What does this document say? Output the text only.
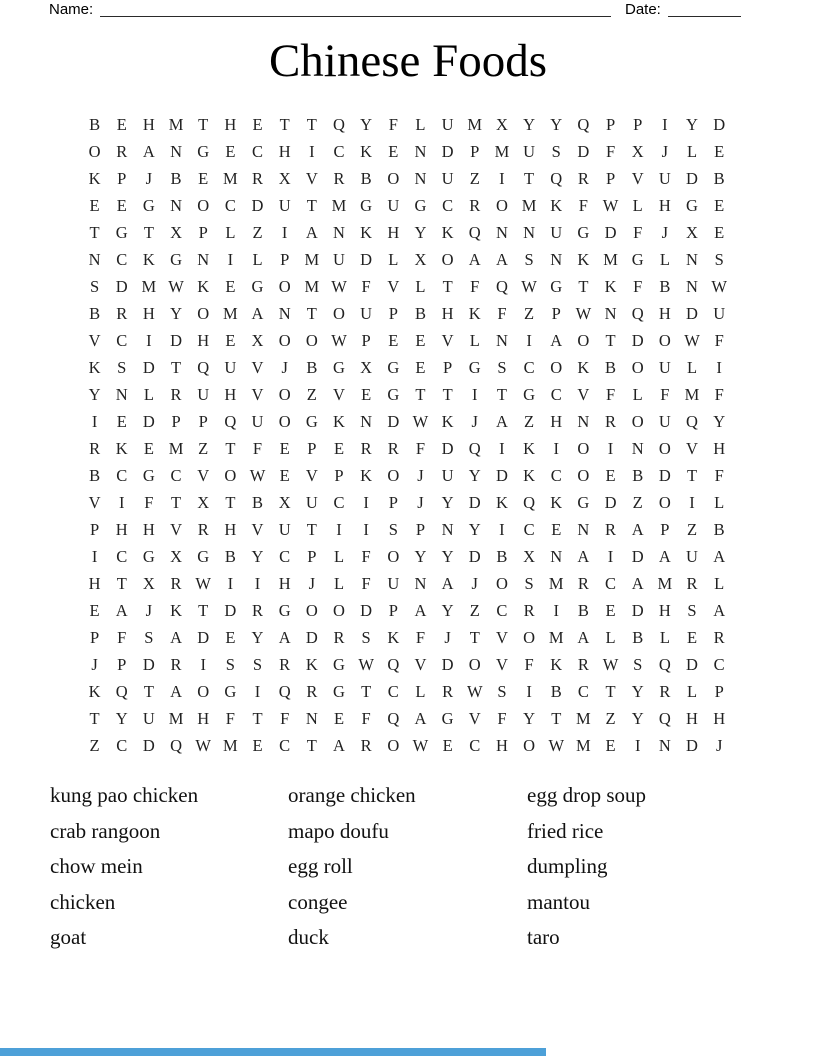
Name:	Date:
Chinese Foods
B	E H M T H E	T	T Q Y	F	L U M X Y Y Q	P	P	I	Y D
O R A N G E	C H	I	C K E N D	P M U	S	D	F	X	J	L	E
K	P	J	B	E M R X V R B O N U Z	I	T Q R	P	V U D B
E	E G N O C D U T M G U G C R O M K	F W L H G E
T G T X	P	L	Z	I	A N K H Y K Q N N U G D	F	J	X E
N C K G N	I	L	P M U D L X O A A	S	N K M G L N	S
S	D M W K E G O M W F	V L	T	F	Q W G T K	F	B N W
B R H Y O M A N T O U	P	B H K	F	Z	P W N Q H D U
V C	I	D H E X O O W P	E	E V L N	I	A O T D O W F
K	S	D T Q U V	J	B G X G E	P	G	S	C O K B O U L	I
Y N L	R U H V O Z V E G T	T	I	T G C V	F	L	F M F
I	E D	P	P	Q U O G K N D W K	J	A Z H N R O U Q Y
R K E M Z	T	F	E	P	E	R R	F	D Q	I	K	I	O	I	N O V H
B C G C V O W E V	P	K O	J	U Y D K C O E	B D T	F
V	I	F	T X T	B X U C	I	P	J	Y D K Q K G D Z O	I	L
P	H H V R H V U T	I	I	S	P	N Y	I	C	E N R A	P	Z	B
I	C G X G B Y C	P	L	F	O Y Y D B X N A	I	D A U A
H T X R W	I	I	H	J	L	F	U N A	J	O	S M R C A M R	L
E A	J	K T D R G O O D	P	A Y Z	C R	I	B	E D H	S	A
P	F	S	A D E Y A D R	S	K	F	J	T V O M A L	B	L	E	R
J	P	D R	I	S	S	R K G W Q V D O V	F	K R W S	Q D C
K Q T A O G	I	Q R G T	C	L	R W S	I	B C	T Y R	L	P
T Y U M H	F	T	F	N E	F	Q A G V	F	Y T M Z Y Q H H
Z	C D Q W M E	C	T A R O W E	C H O W M E	I	N D	J
kung pao chicken
crab rangoon
chow mein
chicken
goat
orange chicken
mapo doufu
egg roll
congee
duck
egg drop soup
fried rice
dumpling
mantou
taro
